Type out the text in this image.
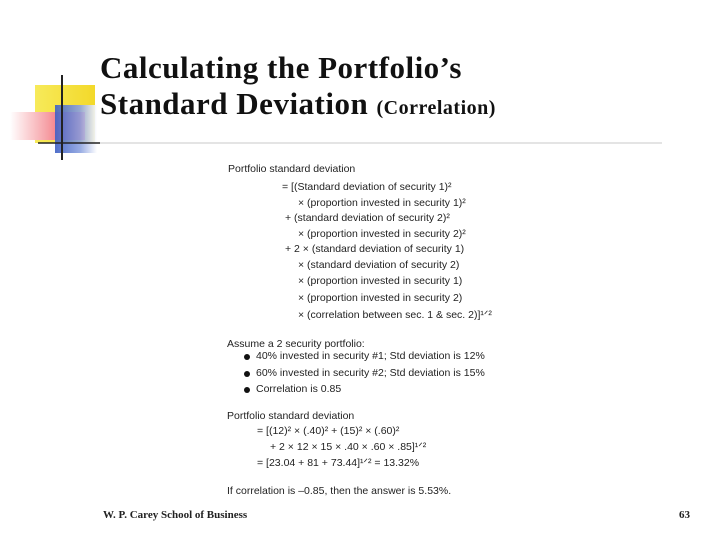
Calculating the Portfolio’s
Standard Deviation (Correlation)
Portfolio standard deviation
= [(Standard deviation of security 1)²
× (proportion invested in security 1)²
+ (standard deviation of security 2)²
× (proportion invested in security 2)²
+ 2 × (standard deviation of security 1)
× (standard deviation of security 2)
× (proportion invested in security 1)
× (proportion invested in security 2)
× (correlation between sec. 1 & sec. 2)]¹ᐟ²
Assume a 2 security portfolio:
40% invested in security #1; Std deviation is 12%
60% invested in security #2; Std deviation is 15%
Correlation is 0.85
Portfolio standard deviation
= [(12)² × (.40)² + (15)² × (.60)²
+ 2 × 12 × 15 × .40 × .60 × .85]¹ᐟ²
= [23.04 + 81 + 73.44]¹ᐟ² = 13.32%
If correlation is –0.85, then the answer is 5.53%.
W. P. Carey School of Business	63
